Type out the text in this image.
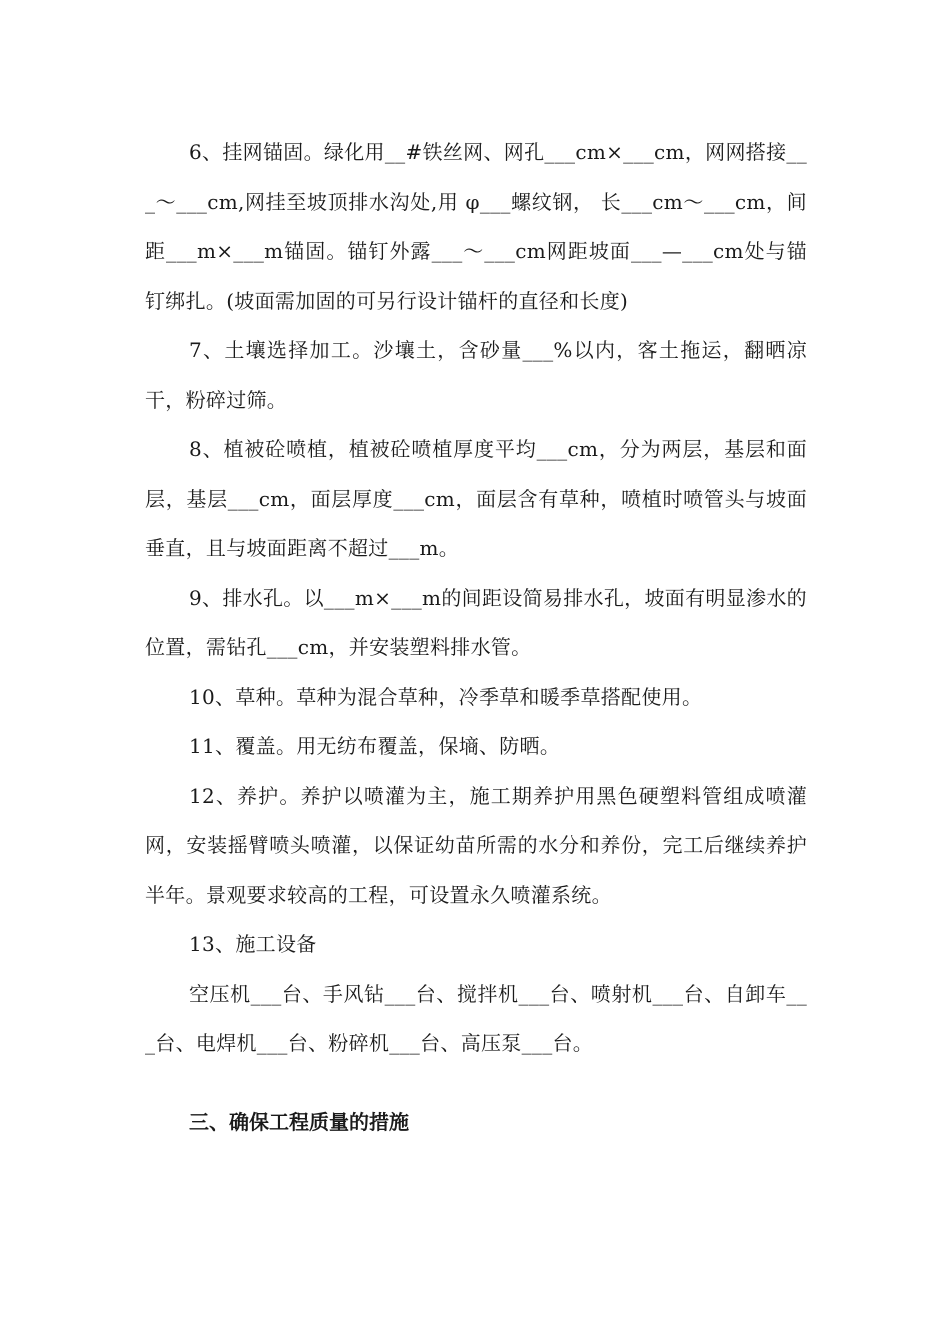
6、挂网锚固。绿化用__#铁丝网、网孔___cm×___cm，网网搭接___～___cm,网挂至坡顶排水沟处,用 φ___螺纹钢， 长___cm～___cm，间距___m×___m锚固。锚钉外露___～___cm网距坡面___—___cm处与锚钉绑扎。(坡面需加固的可另行设计锚杆的直径和长度)

7、土壤选择加工。沙壤土，含砂量___%以内，客土拖运，翻晒凉干，粉碎过筛。

8、植被砼喷植，植被砼喷植厚度平均___cm，分为两层，基层和面层，基层___cm，面层厚度___cm，面层含有草种，喷植时喷管头与坡面垂直，且与坡面距离不超过___m。

9、排水孔。以___m×___m的间距设简易排水孔，坡面有明显渗水的位置，需钻孔___cm，并安装塑料排水管。

10、草种。草种为混合草种，冷季草和暖季草搭配使用。

11、覆盖。用无纺布覆盖，保墒、防晒。

12、养护。养护以喷灌为主，施工期养护用黑色硬塑料管组成喷灌网，安装摇臂喷头喷灌，以保证幼苗所需的水分和养份，完工后继续养护半年。景观要求较高的工程，可设置永久喷灌系统。

13、施工设备

空压机___台、手风钻___台、搅拌机___台、喷射机___台、自卸车___台、电焊机___台、粉碎机___台、高压泵___台。

三、确保工程质量的措施
